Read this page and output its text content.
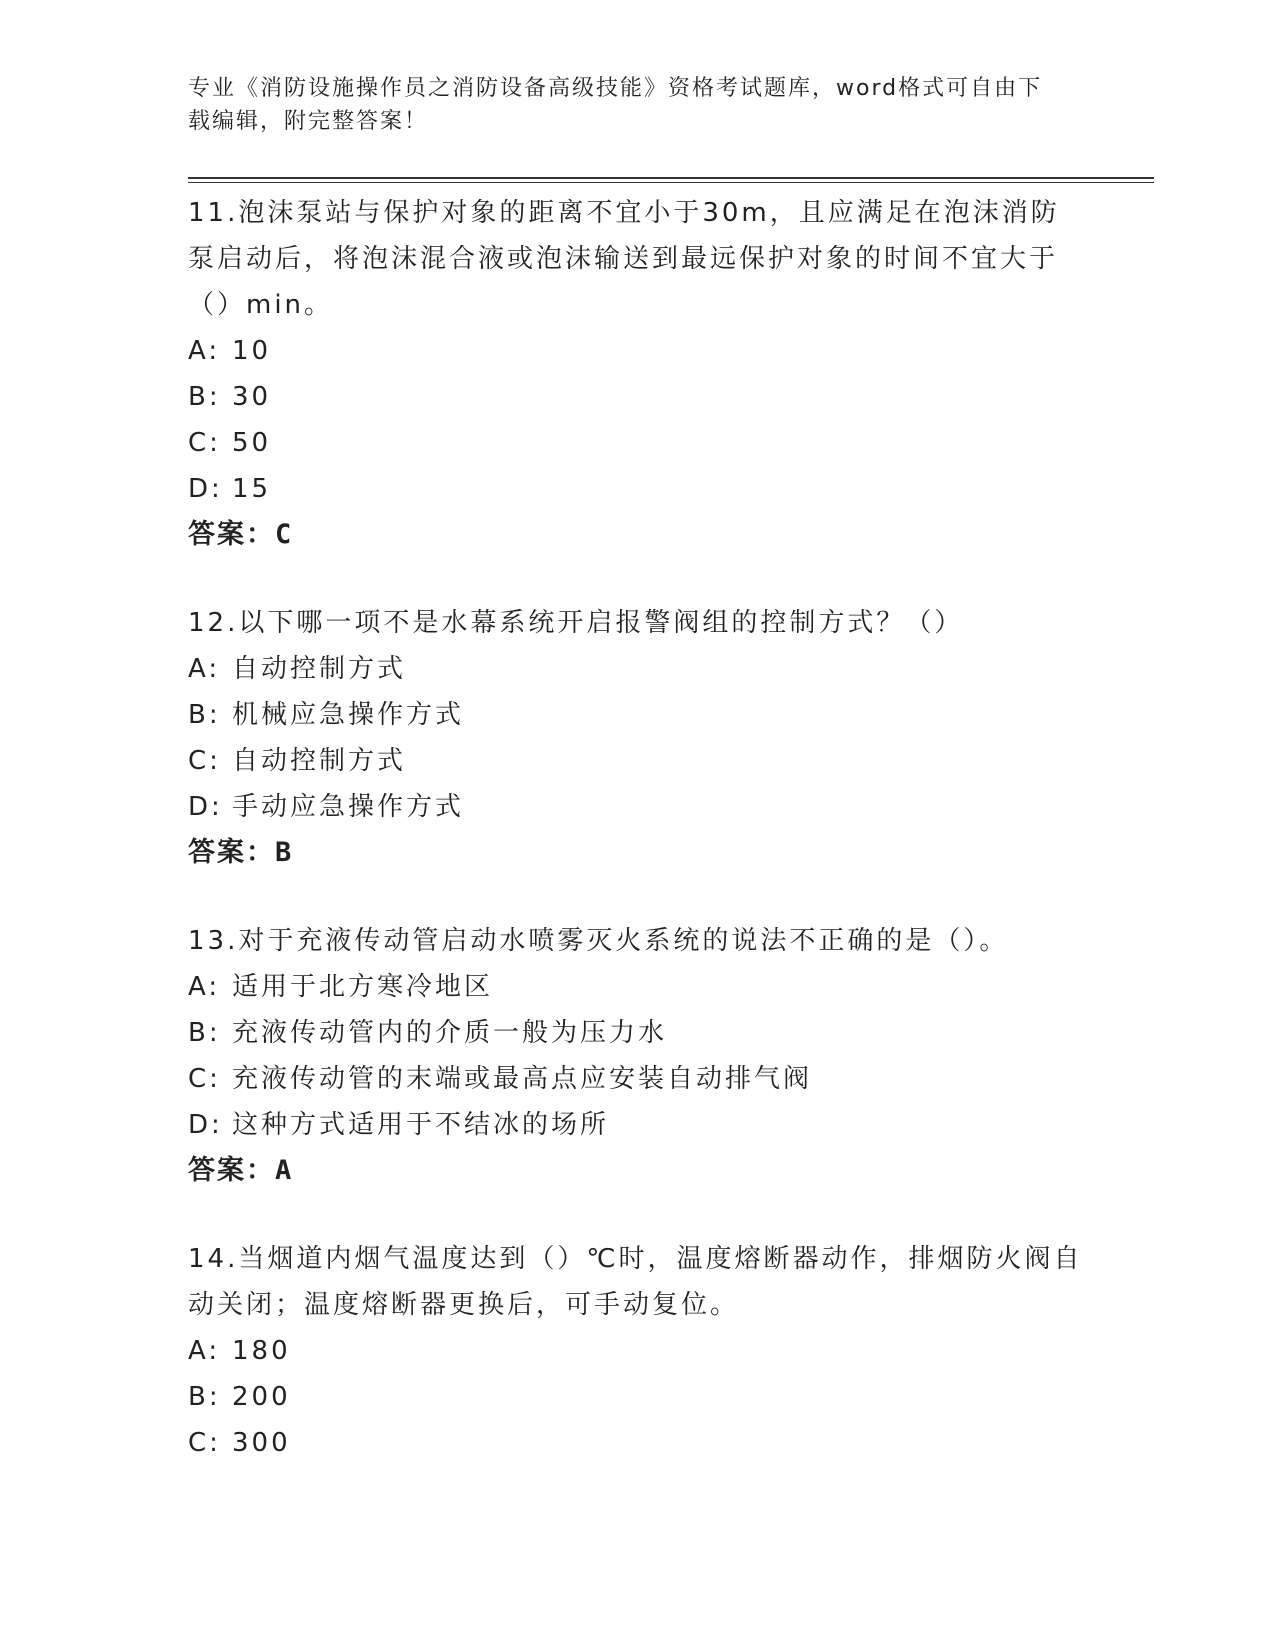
专业《消防设施操作员之消防设备高级技能》资格考试题库，word格式可自由下
载编辑，附完整答案！

11.泡沫泵站与保护对象的距离不宜小于30m，且应满足在泡沫消防泵启动后，将泡沫混合液或泡沫输送到最远保护对象的时间不宜大于（）min。

A: 10

B: 30

C: 50

D: 15

答案：C

12.以下哪一项不是水幕系统开启报警阀组的控制方式？（）

A: 自动控制方式

B: 机械应急操作方式

C: 自动控制方式

D: 手动应急操作方式

答案：B

13.对于充液传动管启动水喷雾灭火系统的说法不正确的是（）。

A: 适用于北方寒冷地区

B: 充液传动管内的介质一般为压力水

C: 充液传动管的末端或最高点应安装自动排气阀

D: 这种方式适用于不结冰的场所

答案：A

14.当烟道内烟气温度达到（）℃时，温度熔断器动作，排烟防火阀自动关闭；温度熔断器更换后，可手动复位。

A: 180

B: 200

C: 300
